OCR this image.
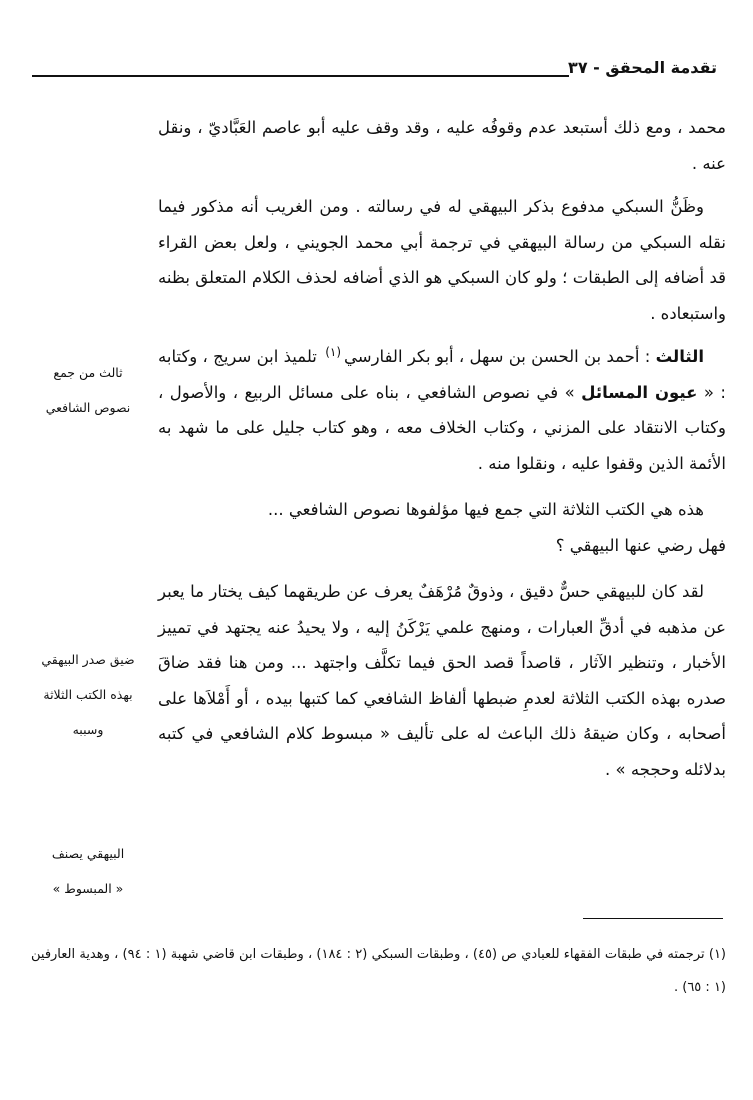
تقدمة المحقق - ٣٧

محمد ، ومع ذلك أستبعد عدم وقوفُه عليه ، وقد وقف عليه أبو عاصم العَبَّاديّ ، ونقل عنه .

وظَنُّ السبكي مدفوع بذكر البيهقي له في رسالته . ومن الغريب أنه مذكور فيما نقله السبكي من رسالة البيهقي في ترجمة أبي محمد الجويني ، ولعل بعض القراء قد أضافه إلى الطبقات ؛ ولو كان السبكي هو الذي أضافه لحذف الكلام المتعلق بظنه واستبعاده .

الثالث : أحمد بن الحسن بن سهل ، أبو بكر الفارسي$^{(١)}$ تلميذ ابن سريج ، وكتابه : « عيون المسائل » في نصوص الشافعي ، بناه على مسائل الربيع ، والأصول ، وكتاب الانتقاد على المزني ، وكتاب الخلاف معه ، وهو كتاب جليل على ما شهد به الأئمة الذين وقفوا عليه ، ونقلوا منه .

هذه هي الكتب الثلاثة التي جمع فيها مؤلفوها نصوص الشافعي ...
فهل رضي عنها البيهقي ؟

لقد كان للبيهقي حسٌّ دقيق ، وذوقٌ مُرْهَفٌ يعرف عن طريقهما كيف يختار ما يعبر عن مذهبه في أدقِّ العبارات ، ومنهج علمي يَرْكَنُ إليه ، ولا يحيدُ عنه يجتهد في تمييز الأخبار ، وتنظير الآثار ، قاصداً قصد الحق فيما تكلَّف واجتهد ... ومن هنا فقد ضاقَ صدره بهذه الكتب الثلاثة لعدمِ ضبطها ألفاظ الشافعي كما كتبها بيده ، أو أَمْلاَها على أصحابه ، وكان ضيقهُ ذلك الباعث له على تأليف « مبسوط كلام الشافعي في كتبه بدلائله وحججه » .

ثالث من جمع
نصوص الشافعي
ضيق صدر البيهقي
بهذه الكتب الثلاثة
وسببه
البيهقي يصنف
« المبسوط »
(١) ترجمته في طبقات الفقهاء للعبادي ص (٤٥) ، وطبقات السبكي (٢ : ١٨٤) ، وطبقات ابن قاضي شهبة (١ : ٩٤) ، وهدية العارفين (١ : ٦٥) .
